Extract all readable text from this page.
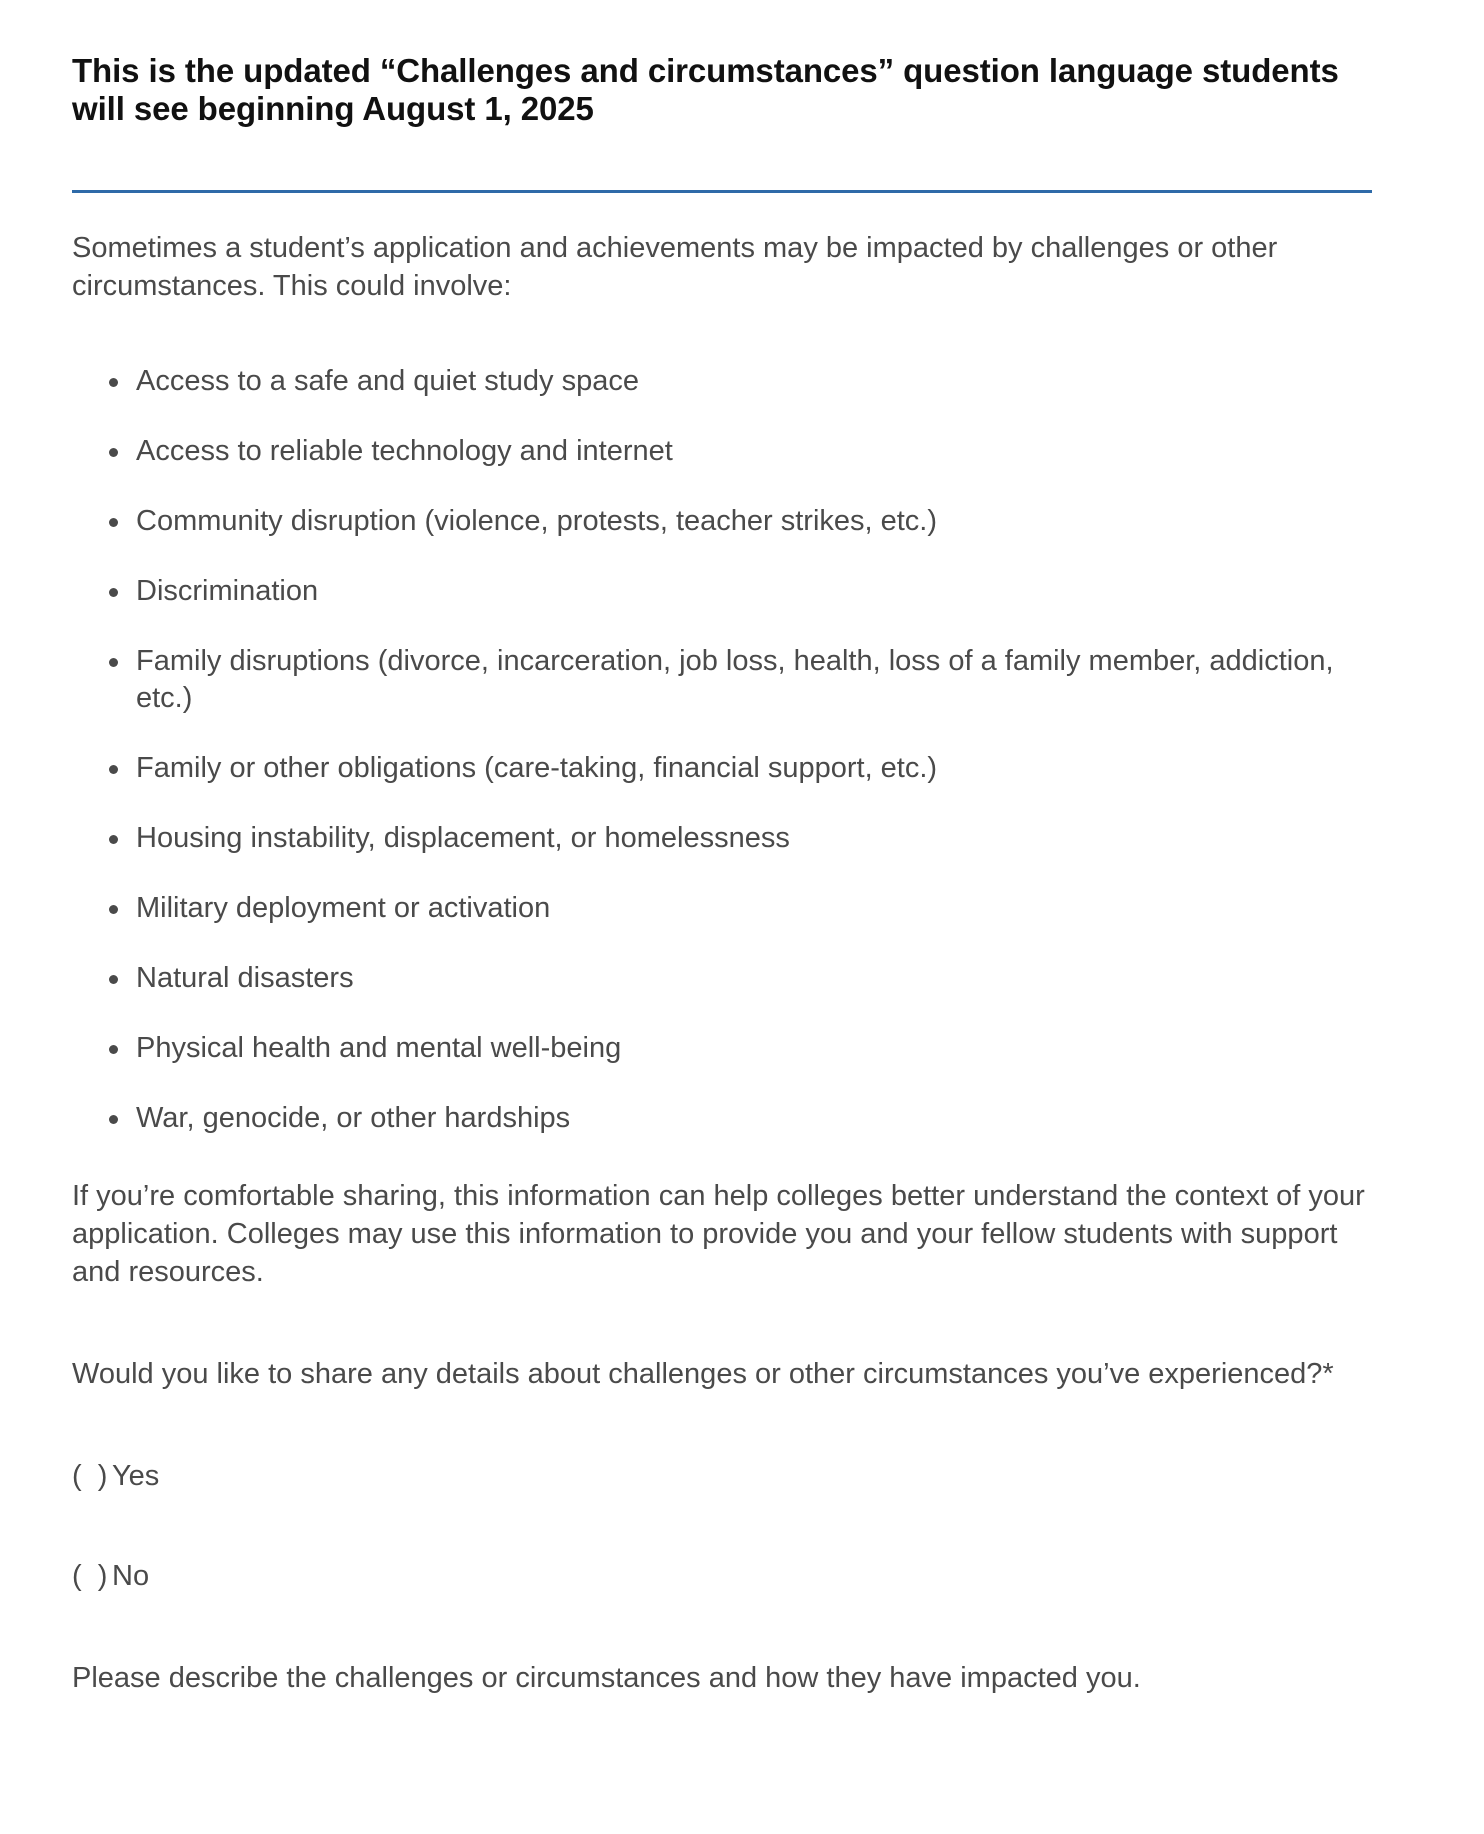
This is the updated “Challenges and circumstances” question language students will see beginning August 1, 2025

Sometimes a student’s application and achievements may be impacted by challenges or other circumstances. This could involve:

Access to a safe and quiet study space
Access to reliable technology and internet
Community disruption (violence, protests, teacher strikes, etc.)
Discrimination
Family disruptions (divorce, incarceration, job loss, health, loss of a family member, addiction, etc.)
Family or other obligations (care-taking, financial support, etc.)
Housing instability, displacement, or homelessness
Military deployment or activation
Natural disasters
Physical health and mental well-being
War, genocide, or other hardships

If you’re comfortable sharing, this information can help colleges better understand the context of your application. Colleges may use this information to provide you and your fellow students with support and resources.

Would you like to share any details about challenges or other circumstances you’ve experienced?*

(  ) Yes
(  ) No

Please describe the challenges or circumstances and how they have impacted you.
